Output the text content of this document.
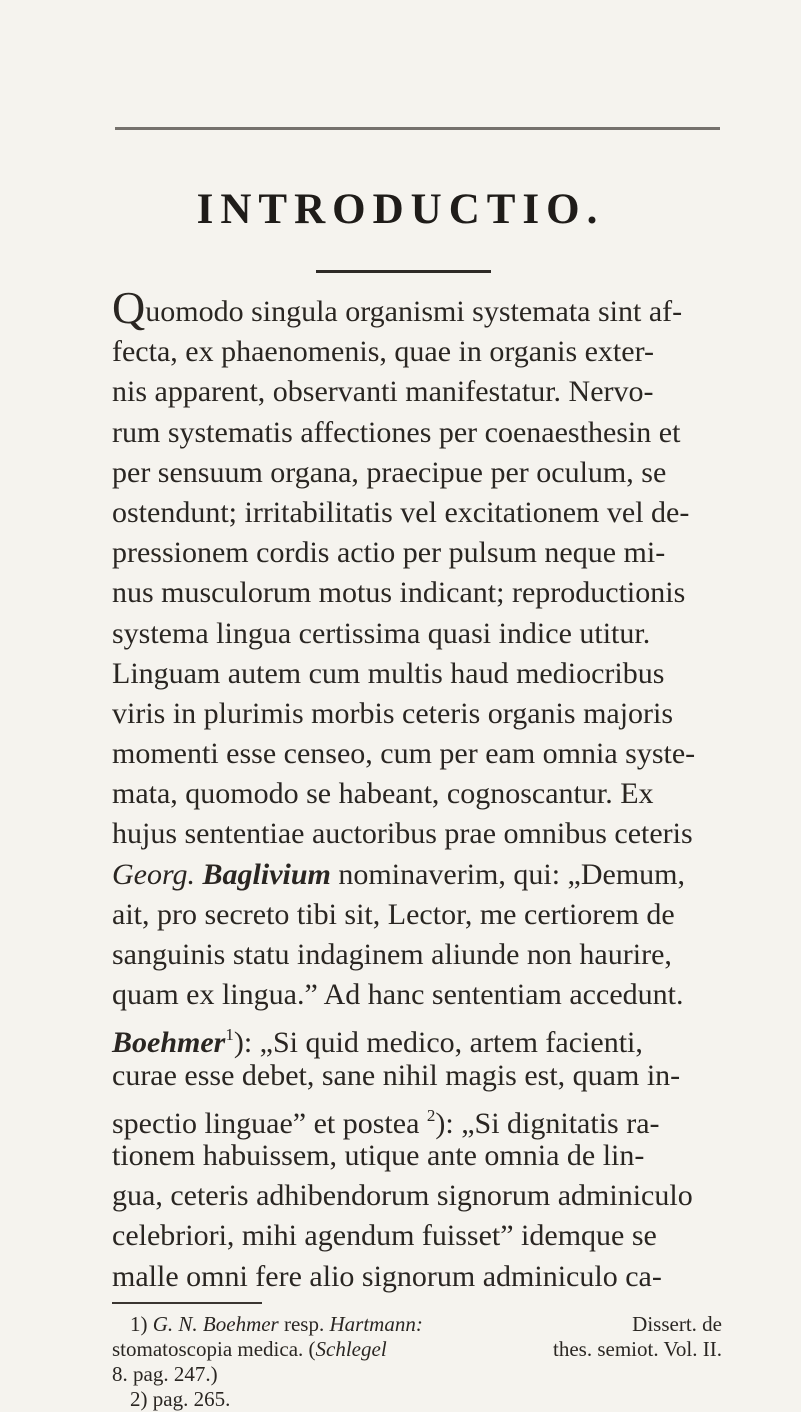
INTRODUCTIO.
Quomodo singula organismi systemata sint af-
fecta, ex phaenomenis, quae in organis exter-
nis apparent, observanti manifestatur. Nervo-
rum systematis affectiones per coenaesthesin et
per sensuum organa, praecipue per oculum, se
ostendunt; irritabilitatis vel excitationem vel de-
pressionem cordis actio per pulsum neque mi-
nus musculorum motus indicant; reproductionis
systema lingua certissima quasi indice utitur.
Linguam autem cum multis haud mediocribus
viris in plurimis morbis ceteris organis majoris
momenti esse censeo, cum per eam omnia syste-
mata, quomodo se habeant, cognoscantur. Ex
hujus sententiae auctoribus prae omnibus ceteris
Georg. Baglivium nominaverim, qui: „Demum,
ait, pro secreto tibi sit, Lector, me certiorem de
sanguinis statu indaginem aliunde non haurire,
quam ex lingua.” Ad hanc sententiam accedunt.
Boehmer$^1$): „Si quid medico, artem facienti,
curae esse debet, sane nihil magis est, quam in-
spectio linguae” et postea $^2$): „Si dignitatis ra-
tionem habuissem, utique ante omnia de lin-
gua, ceteris adhibendorum signorum adminiculo
celebriori, mihi agendum fuisset” idemque se
malle omni fere alio signorum adminiculo ca-
1) G. N. Boehmer resp. Hartmann:	Dissert. de
stomatoscopia medica. (Schlegel	thes. semiot. Vol. II.
8. pag. 247.)
2) pag. 265.
